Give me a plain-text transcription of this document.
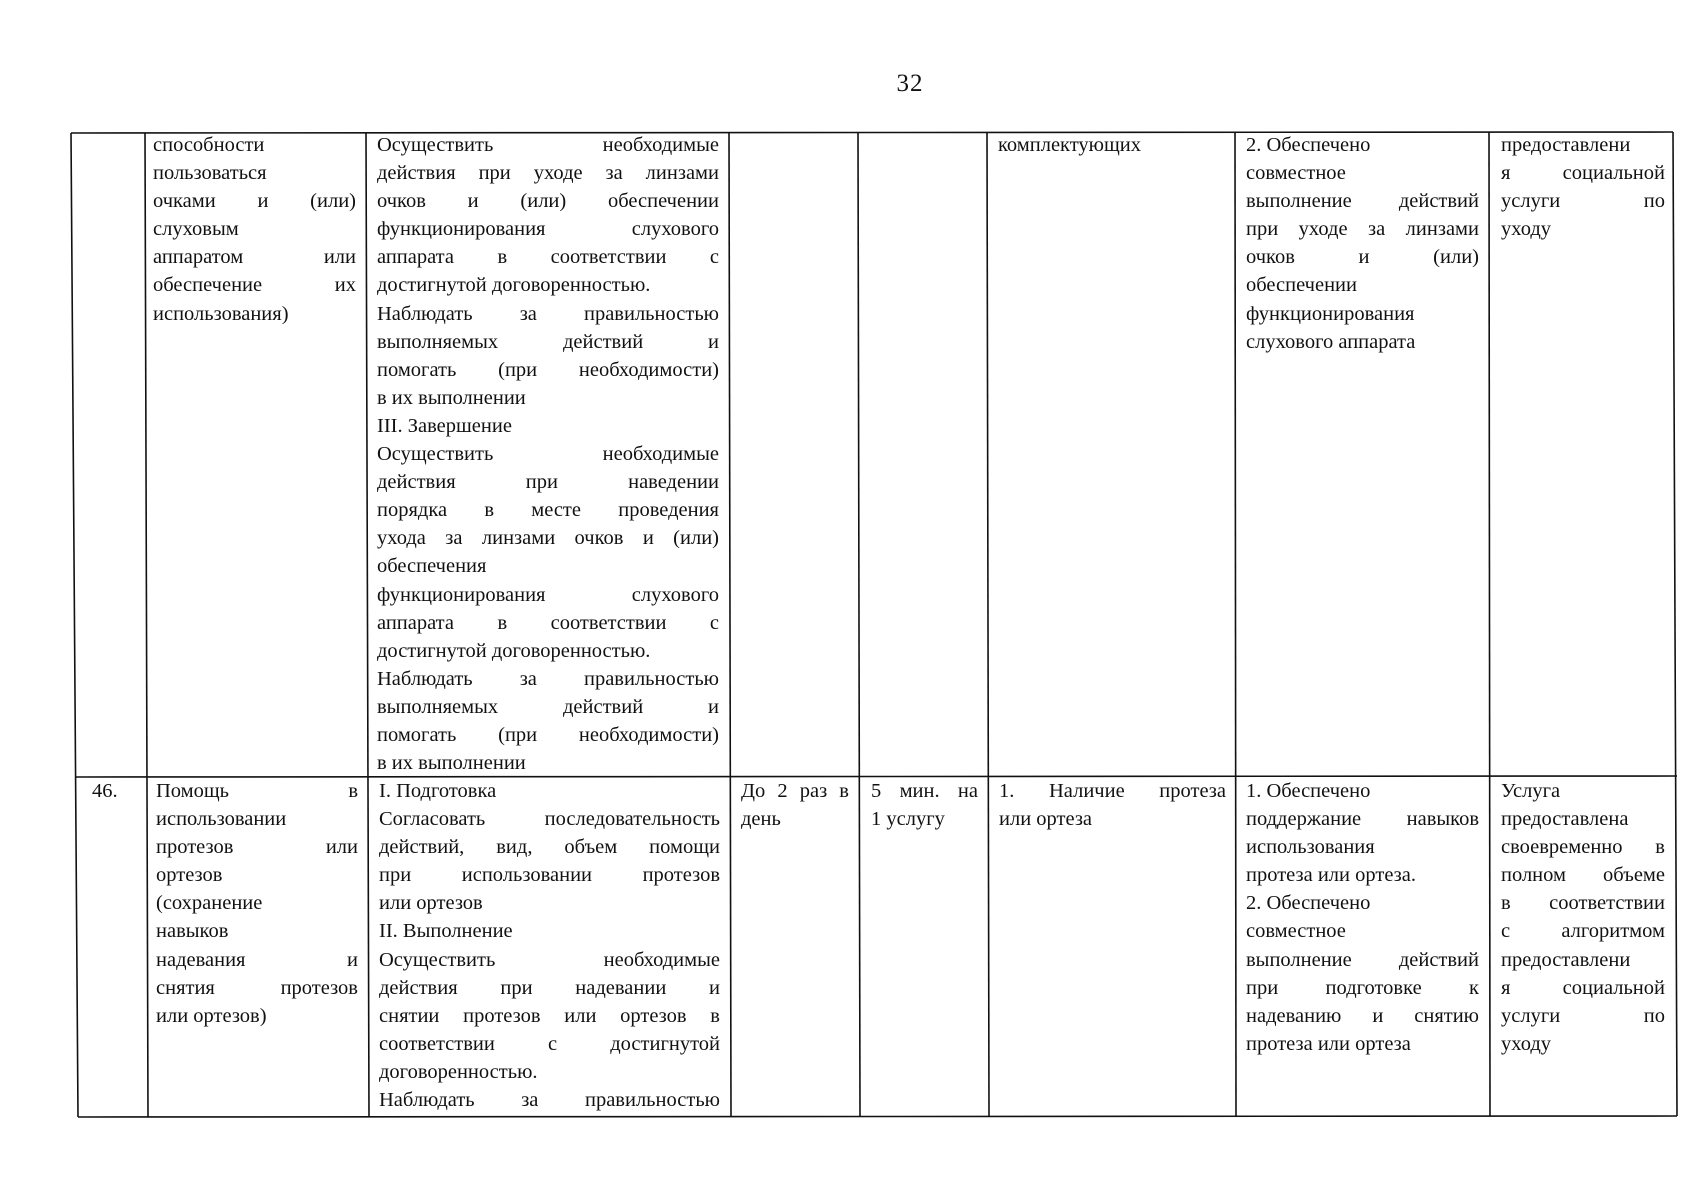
32
способности
пользоваться
очками и (или)
слуховым
аппаратом или
обеспечение их
использования)
Осуществить необходимые
действия при уходе за линзами
очков и (или) обеспечении
функционирования слухового
аппарата в соответствии с
достигнутой договоренностью.
Наблюдать за правильностью
выполняемых действий и
помогать (при необходимости)
в их выполнении
III. Завершение
Осуществить необходимые
действия при наведении
порядка в месте проведения
ухода за линзами очков и (или)
обеспечения
функционирования слухового
аппарата в соответствии с
достигнутой договоренностью.
Наблюдать за правильностью
выполняемых действий и
помогать (при необходимости)
в их выполнении
комплектующих	2. Обеспечено
совместное
выполнение действий
при уходе за линзами
очков и (или)
обеспечении
функционирования
слухового аппарата
предоставлени
я социальной
услуги по
уходу
46.	Помощь в
использовании
протезов или
ортезов
(сохранение
навыков
надевания и
снятия протезов
или ортезов)
I. Подготовка
Согласовать последовательность
действий, вид, объем помощи
при использовании протезов
или ортезов
II. Выполнение
Осуществить необходимые
действия при надевании и
снятии протезов или ортезов в
соответствии с достигнутой
договоренностью.
Наблюдать за правильностью
До 2 раз в
день
5 мин. на
1 услугу
1. Наличие протеза
или ортеза
1. Обеспечено
поддержание навыков
использования
протеза или ортеза.
2. Обеспечено
совместное
выполнение действий
при подготовке к
надеванию и снятию
протеза или ортеза
Услуга
предоставлена
своевременно в
полном объеме
в соответствии
с алгоритмом
предоставлени
я социальной
услуги по
уходу
